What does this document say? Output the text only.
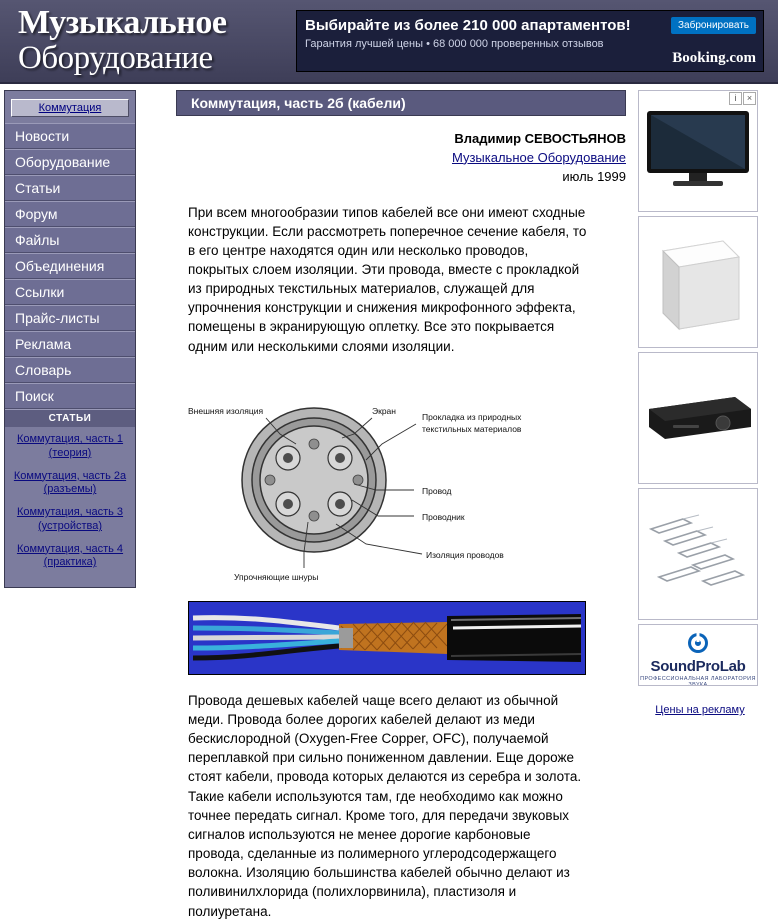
Музыкальное
Оборудование
Выбирайте из более 210 000 апартаментов!
Гарантия лучшей цены • 68 000 000 проверенных отзывов
Забронировать
Booking.com
Коммутация
Новости
Оборудование
Статьи
Форум
Файлы
Объединения
Ссылки
Прайс-листы
Реклама
Словарь
Поиск
СТАТЬИ
Коммутация, часть 1
(теория)
Коммутация, часть 2а
(разъемы)
Коммутация, часть 3
(устройства)
Коммутация, часть 4
(практика)
Коммутация, часть 2б (кабели)
Владимир СЕВОСТЬЯНОВ
Музыкальное Оборудование
июль 1999
При всем многообразии типов кабелей все они имеют сходные конструкции. Если рассмотреть поперечное сечение кабеля, то в его центре находятся один или несколько проводов, покрытых слоем изоляции. Эти провода, вместе с прокладкой из природных текстильных материалов, служащей для упрочнения конструкции и снижения микрофонного эффекта, помещены в экранирующую оплетку. Все это покрывается одним или несколькими слоями изоляции.
Внешняя изоляция	Экран
Прокладка из природных
текстильных материалов
Провод
Проводник
Изоляция проводов
Упрочняющие шнуры
Провода дешевых кабелей чаще всего делают из обычной меди. Провода более дорогих кабелей делают из меди бескислородной (Oxygen-Free Copper, OFC), получаемой переплавкой при сильно пониженном давлении. Еще дороже стоят кабели, провода которых делаются из серебра и золота. Такие кабели используются там, где необходимо как можно точнее передать сигнал. Кроме того, для передачи звуковых сигналов используются не менее дорогие карбоновые провода, сделанные из полимерного углеродсодержащего волокна. Изоляцию большинства кабелей обычно делают из поливинилхлорида (полихлорвинила), пластизоля и полиуретана.
i ×
SoundProLab
ПРОФЕССИОНАЛЬНАЯ ЛАБОРАТОРИЯ ЗВУКА
Цены на рекламу
